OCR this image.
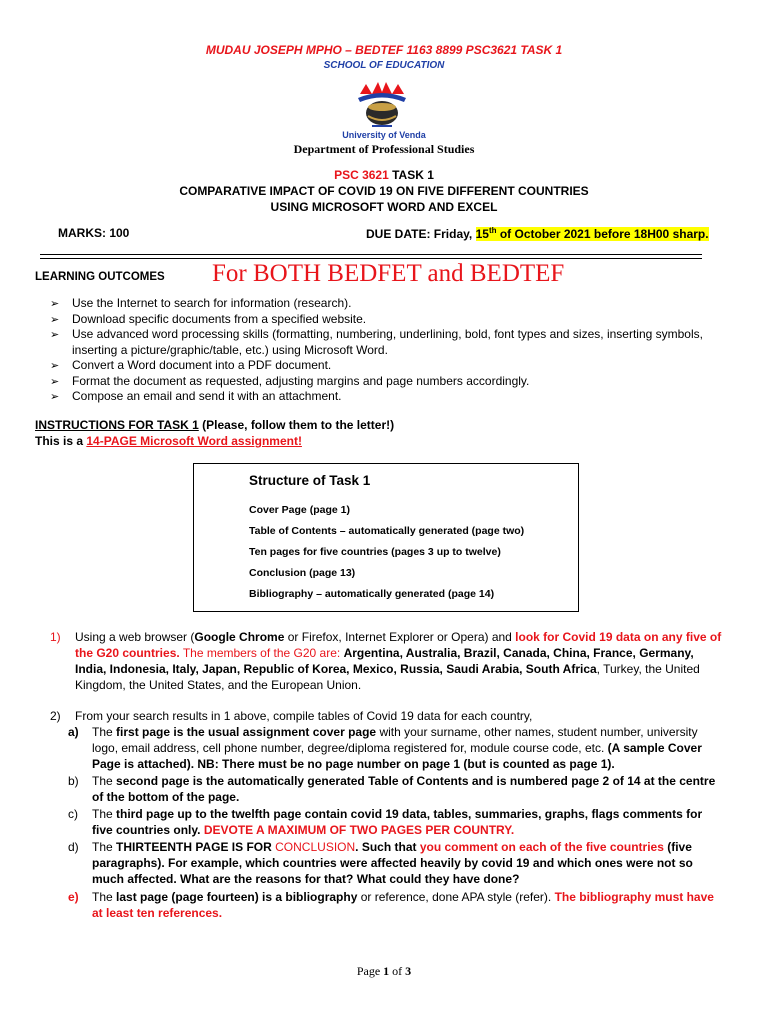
MUDAU JOSEPH MPHO – BEDTEF 1163 8899 PSC3621 TASK 1
SCHOOL OF EDUCATION
University of Venda
Department of Professional Studies
PSC 3621 TASK 1
COMPARATIVE IMPACT OF COVID 19 ON FIVE DIFFERENT COUNTRIES
USING MICROSOFT WORD AND EXCEL
MARKS: 100	DUE DATE: Friday, 15th of October 2021 before 18H00 sharp.
LEARNING OUTCOMES For BOTH BEDFET and BEDTEF
➢ Use the Internet to search for information (research).
➢ Download specific documents from a specified website.
➢ Use advanced word processing skills (formatting, numbering, underlining, bold, font types and sizes, inserting symbols, inserting a picture/graphic/table, etc.) using Microsoft Word.
➢ Convert a Word document into a PDF document.
➢ Format the document as requested, adjusting margins and page numbers accordingly.
➢ Compose an email and send it with an attachment.
INSTRUCTIONS FOR TASK 1 (Please, follow them to the letter!)
This is a 14-PAGE Microsoft Word assignment!
Structure of Task 1
Cover Page (page 1)
Table of Contents – automatically generated (page two)
Ten pages for five countries (pages 3 up to twelve)
Conclusion (page 13)
Bibliography – automatically generated (page 14)
1) Using a web browser (Google Chrome or Firefox, Internet Explorer or Opera) and look for Covid 19 data on any five of the G20 countries. The members of the G20 are: Argentina, Australia, Brazil, Canada, China, France, Germany, India, Indonesia, Italy, Japan, Republic of Korea, Mexico, Russia, Saudi Arabia, South Africa, Turkey, the United Kingdom, the United States, and the European Union.
2) From your search results in 1 above, compile tables of Covid 19 data for each country,
a) The first page is the usual assignment cover page with your surname, other names, student number, university logo, email address, cell phone number, degree/diploma registered for, module course code, etc. (A sample Cover Page is attached). NB: There must be no page number on page 1 (but is counted as page 1).
b) The second page is the automatically generated Table of Contents and is numbered page 2 of 14 at the centre of the bottom of the page.
c) The third page up to the twelfth page contain covid 19 data, tables, summaries, graphs, flags comments for five countries only. DEVOTE A MAXIMUM OF TWO PAGES PER COUNTRY.
d) The THIRTEENTH PAGE IS FOR CONCLUSION. Such that you comment on each of the five countries (five paragraphs). For example, which countries were affected heavily by covid 19 and which ones were not so much affected. What are the reasons for that? What could they have done?
e) The last page (page fourteen) is a bibliography or reference, done APA style (refer). The bibliography must have at least ten references.
Page 1 of 3
